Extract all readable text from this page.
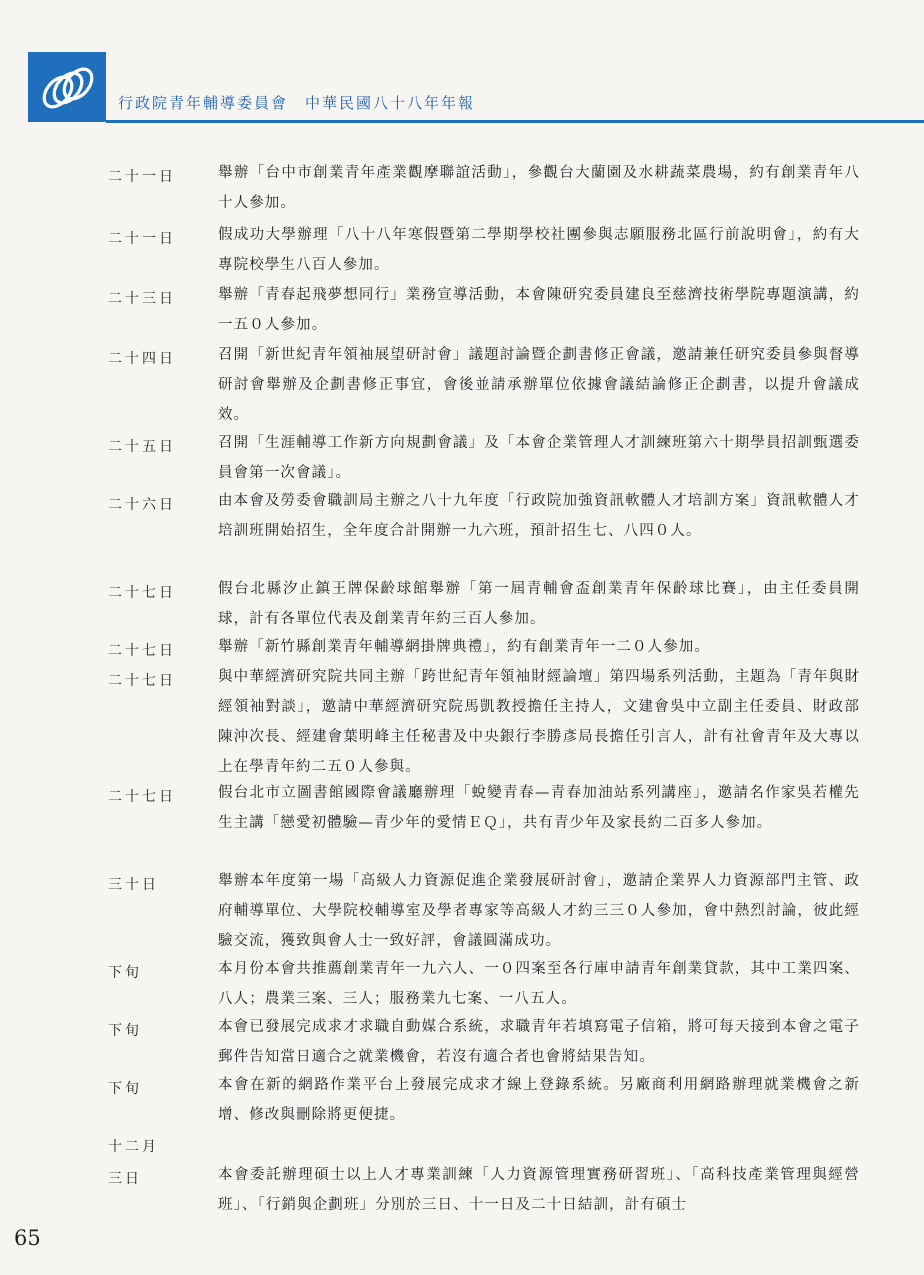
行政院青年輔導委員會　中華民國八十八年年報
二十一日	舉辦「台中市創業青年產業觀摩聯誼活動」，參觀台大蘭園及水耕蔬菜農場，約有創業青年八十人參加。
二十一日	假成功大學辦理「八十八年寒假暨第二學期學校社團參與志願服務北區行前說明會」，約有大專院校學生八百人參加。
二十三日	舉辦「青春起飛夢想同行」業務宣導活動，本會陳研究委員建良至慈濟技術學院專題演講，約一五０人參加。
二十四日	召開「新世紀青年領袖展望研討會」議題討論暨企劃書修正會議，邀請兼任研究委員參與督導研討會舉辦及企劃書修正事宜，會後並請承辦單位依據會議結論修正企劃書，以提升會議成效。
二十五日	召開「生涯輔導工作新方向規劃會議」及「本會企業管理人才訓練班第六十期學員招訓甄選委員會第一次會議」。
二十六日	由本會及勞委會職訓局主辦之八十九年度「行政院加強資訊軟體人才培訓方案」資訊軟體人才培訓班開始招生，全年度合計開辦一九六班，預計招生七、八四０人。
二十七日	假台北縣汐止鎮王牌保齡球館舉辦「第一屆青輔會盃創業青年保齡球比賽」，由主任委員開球，計有各單位代表及創業青年約三百人參加。
二十七日	舉辦「新竹縣創業青年輔導網掛牌典禮」，約有創業青年一二０人參加。
二十七日	與中華經濟研究院共同主辦「跨世紀青年領袖財經論壇」第四場系列活動，主題為「青年與財經領袖對談」，邀請中華經濟研究院馬凱教授擔任主持人，文建會吳中立副主任委員、財政部陳沖次長、經建會葉明峰主任秘書及中央銀行李勝彥局長擔任引言人，計有社會青年及大專以上在學青年約二五０人參與。
二十七日	假台北市立圖書館國際會議廳辦理「蛻變青春—青春加油站系列講座」，邀請名作家吳若權先生主講「戀愛初體驗—青少年的愛情ＥＱ」，共有青少年及家長約二百多人參加。
三十日	舉辦本年度第一場「高級人力資源促進企業發展研討會」，邀請企業界人力資源部門主管、政府輔導單位、大學院校輔導室及學者專家等高級人才約三三０人參加，會中熱烈討論，彼此經驗交流，獲致與會人士一致好評，會議圓滿成功。
下旬	本月份本會共推薦創業青年一九六人、一０四案至各行庫申請青年創業貸款，其中工業四案、八人；農業三案、三人；服務業九七案、一八五人。
下旬	本會已發展完成求才求職自動媒合系統，求職青年若填寫電子信箱，將可每天接到本會之電子郵件告知當日適合之就業機會，若沒有適合者也會將結果告知。
下旬	本會在新的網路作業平台上發展完成求才線上登錄系統。另廠商利用網路辦理就業機會之新增、修改與刪除將更便捷。
十二月
三日	本會委託辦理碩士以上人才專業訓練「人力資源管理實務研習班」、「高科技產業管理與經營班」、「行銷與企劃班」分別於三日、十一日及二十日結訓，計有碩士
65
